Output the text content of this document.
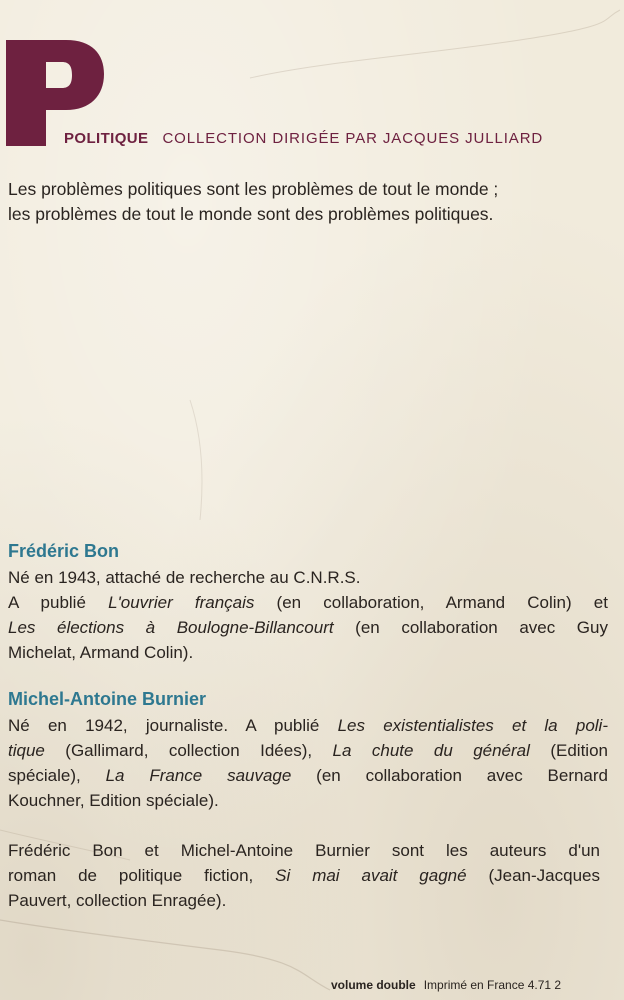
POLITIQUE COLLECTION DIRIGÉE PAR JACQUES JULLIARD

Les problèmes politiques sont les problèmes de tout le monde ;

les problèmes de tout le monde sont des problèmes politiques.

Frédéric Bon
Né en 1943, attaché de recherche au C.N.R.S.
A publié L'ouvrier français (en collaboration, Armand Colin) et
Les élections à Boulogne-Billancourt (en collaboration avec Guy
Michelat, Armand Colin).
Michel-Antoine Burnier
Né en 1942, journaliste. A publié Les existentialistes et la poli-
tique (Gallimard, collection Idées), La chute du général (Edition
spéciale), La France sauvage (en collaboration avec Bernard
Kouchner, Edition spéciale).
Frédéric Bon et Michel-Antoine Burnier sont les auteurs d'un
roman de politique fiction, Si mai avait gagné (Jean-Jacques
Pauvert, collection Enragée).
volume double Imprimé en France 4.71 2
